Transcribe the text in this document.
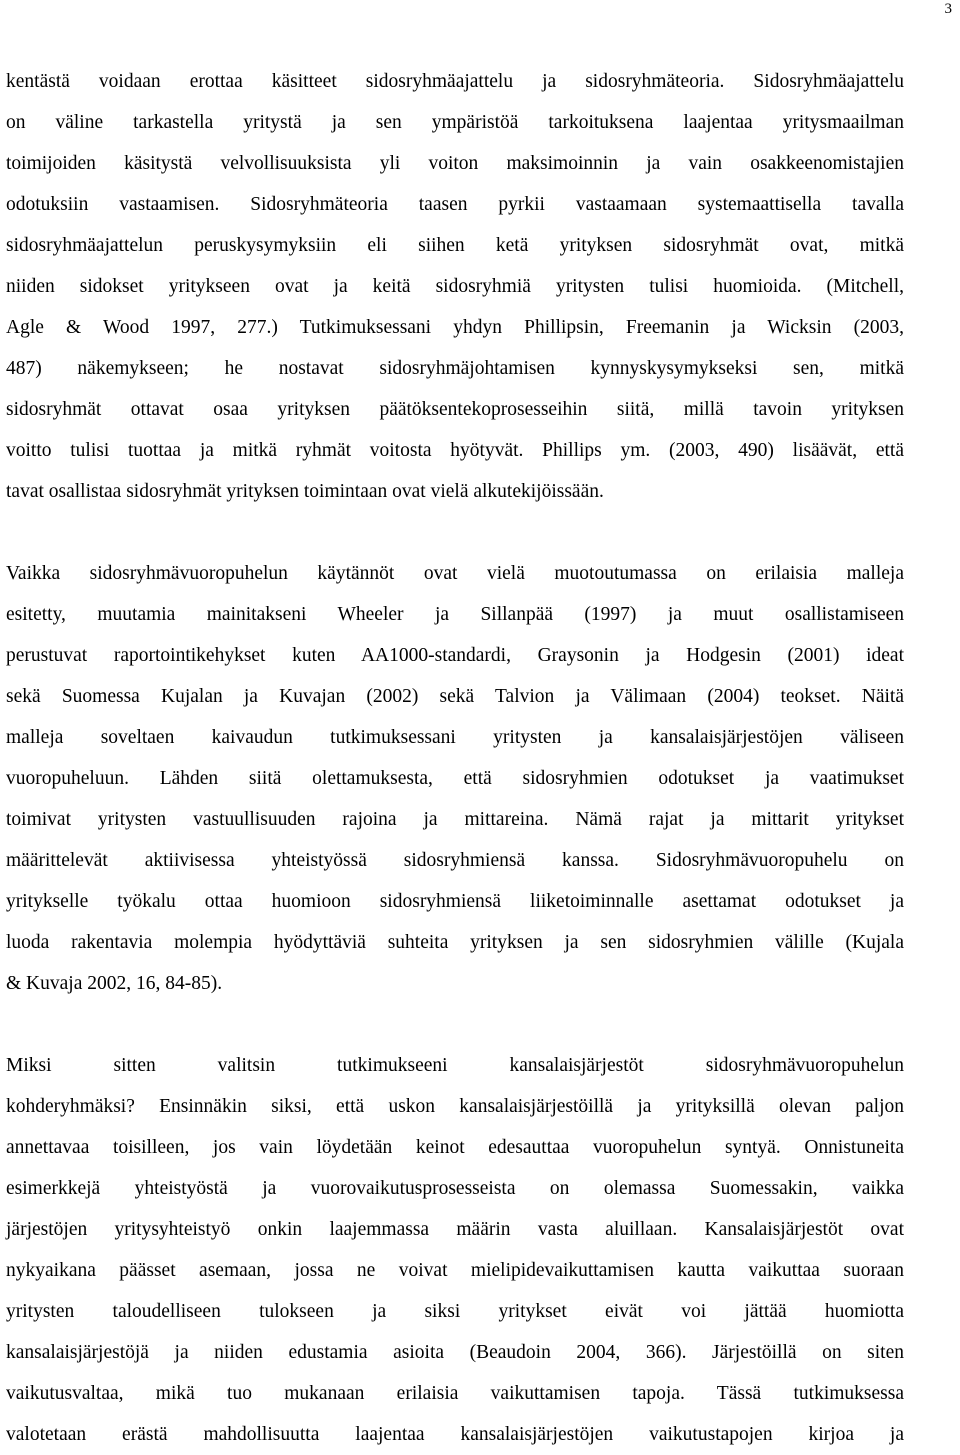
3
kentästä voidaan erottaa käsitteet sidosryhmäajattelu ja sidosryhmäteoria. Sidosryhmäajattelu
on väline tarkastella yritystä ja sen ympäristöä tarkoituksena laajentaa yritysmaailman
toimijoiden käsitystä velvollisuuksista yli voiton maksimoinnin ja vain osakkeenomistajien
odotuksiin vastaamisen. Sidosryhmäteoria taasen pyrkii vastaamaan systemaattisella tavalla
sidosryhmäajattelun peruskysymyksiin eli siihen ketä yrityksen sidosryhmät ovat, mitkä
niiden sidokset yritykseen ovat ja keitä sidosryhmiä yritysten tulisi huomioida. (Mitchell,
Agle & Wood 1997, 277.) Tutkimuksessani yhdyn Phillipsin, Freemanin ja Wicksin (2003,
487) näkemykseen; he nostavat sidosryhmäjohtamisen kynnyskysymykseksi sen, mitkä
sidosryhmät ottavat osaa yrityksen päätöksentekoprosesseihin siitä, millä tavoin yrityksen
voitto tulisi tuottaa ja mitkä ryhmät voitosta hyötyvät. Phillips ym. (2003, 490) lisäävät, että
tavat osallistaa sidosryhmät yrityksen toimintaan ovat vielä alkutekijöissään.
Vaikka sidosryhmävuoropuhelun käytännöt ovat vielä muotoutumassa on erilaisia malleja
esitetty, muutamia mainitakseni Wheeler ja Sillanpää (1997) ja muut osallistamiseen
perustuvat raportointikehykset kuten AA1000-standardi, Graysonin ja Hodgesin (2001) ideat
sekä Suomessa Kujalan ja Kuvajan (2002) sekä Talvion ja Välimaan (2004) teokset. Näitä
malleja soveltaen kaivaudun tutkimuksessani yritysten ja kansalaisjärjestöjen väliseen
vuoropuheluun. Lähden siitä olettamuksesta, että sidosryhmien odotukset ja vaatimukset
toimivat yritysten vastuullisuuden rajoina ja mittareina. Nämä rajat ja mittarit yritykset
määrittelevät aktiivisessa yhteistyössä sidosryhmiensä kanssa. Sidosryhmävuoropuhelu on
yritykselle työkalu ottaa huomioon sidosryhmiensä liiketoiminnalle asettamat odotukset ja
luoda rakentavia molempia hyödyttäviä suhteita yrityksen ja sen sidosryhmien välille (Kujala
& Kuvaja 2002, 16, 84-85).
Miksi sitten valitsin tutkimukseeni kansalaisjärjestöt sidosryhmävuoropuhelun
kohderyhmäksi? Ensinnäkin siksi, että uskon kansalaisjärjestöillä ja yrityksillä olevan paljon
annettavaa toisilleen, jos vain löydetään keinot edesauttaa vuoropuhelun syntyä. Onnistuneita
esimerkkejä yhteistyöstä ja vuorovaikutusprosesseista on olemassa Suomessakin, vaikka
järjestöjen yritysyhteistyö onkin laajemmassa määrin vasta aluillaan. Kansalaisjärjestöt ovat
nykyaikana päässet asemaan, jossa ne voivat mielipidevaikuttamisen kautta vaikuttaa suoraan
yritysten taloudelliseen tulokseen ja siksi yritykset eivät voi jättää huomiotta
kansalaisjärjestöjä ja niiden edustamia asioita (Beaudoin 2004, 366). Järjestöillä on siten
vaikutusvaltaa, mikä tuo mukanaan erilaisia vaikuttamisen tapoja. Tässä tutkimuksessa
valotetaan erästä mahdollisuutta laajentaa kansalaisjärjestöjen vaikutustapojen kirjoa ja
